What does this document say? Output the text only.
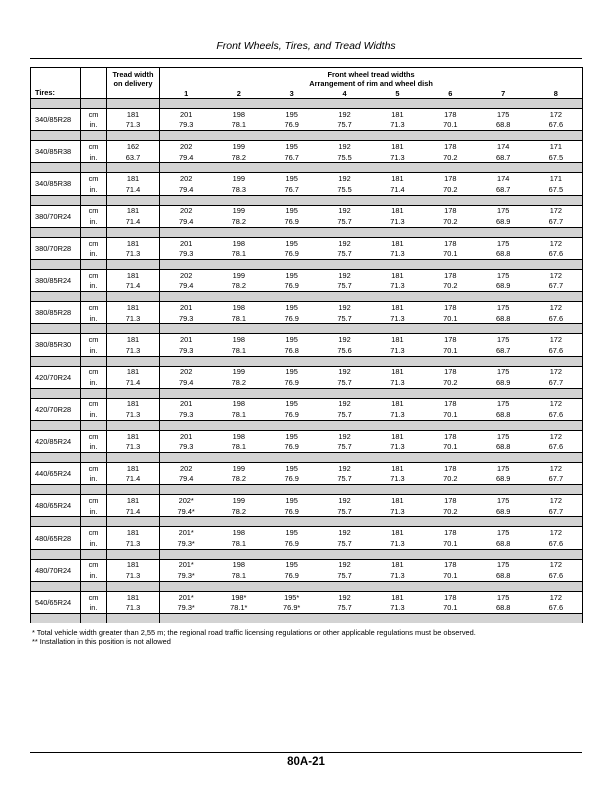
Front Wheels, Tires, and Tread Widths
Tires:		Tread width on delivery	Front wheel tread widths
Arrangement of rim and wheel dish							

			1	2	3	4	5	6	7	8

340/85R28	cm	181	201	198	195	192	181	178	175	172
	in.	71.3	79.3	78.1	76.9	75.7	71.3	70.1	68.8	67.6

340/85R38	cm	162	202	199	195	192	181	178	174	171
	in.	63.7	79.4	78.2	76.7	75.5	71.3	70.2	68.7	67.5

340/85R38	cm	181	202	199	195	192	181	178	174	171
	in.	71.4	79.4	78.3	76.7	75.5	71.4	70.2	68.7	67.5

380/70R24	cm	181	202	199	195	192	181	178	175	172
	in.	71.4	79.4	78.2	76.9	75.7	71.3	70.2	68.9	67.7

380/70R28	cm	181	201	198	195	192	181	178	175	172
	in.	71.3	79.3	78.1	76.9	75.7	71.3	70.1	68.8	67.6

380/85R24	cm	181	202	199	195	192	181	178	175	172
	in.	71.4	79.4	78.2	76.9	75.7	71.3	70.2	68.9	67.7

380/85R28	cm	181	201	198	195	192	181	178	175	172
	in.	71.3	79.3	78.1	76.9	75.7	71.3	70.1	68.8	67.6

380/85R30	cm	181	201	198	195	192	181	178	175	172
	in.	71.3	79.3	78.1	76.8	75.6	71.3	70.1	68.7	67.6

420/70R24	cm	181	202	199	195	192	181	178	175	172
	in.	71.4	79.4	78.2	76.9	75.7	71.3	70.2	68.9	67.7

420/70R28	cm	181	201	198	195	192	181	178	175	172
	in.	71.3	79.3	78.1	76.9	75.7	71.3	70.1	68.8	67.6

420/85R24	cm	181	201	198	195	192	181	178	175	172
	in.	71.3	79.3	78.1	76.9	75.7	71.3	70.1	68.8	67.6

440/65R24	cm	181	202	199	195	192	181	178	175	172
	in.	71.4	79.4	78.2	76.9	75.7	71.3	70.2	68.9	67.7

480/65R24	cm	181	202*	199	195	192	181	178	175	172
	in.	71.4	79.4*	78.2	76.9	75.7	71.3	70.2	68.9	67.7

480/65R28	cm	181	201*	198	195	192	181	178	175	172
	in.	71.3	79.3*	78.1	76.9	75.7	71.3	70.1	68.8	67.6

480/70R24	cm	181	201*	198	195	192	181	178	175	172
	in.	71.3	79.3*	78.1	76.9	75.7	71.3	70.1	68.8	67.6

540/65R24	cm	181	201*	198*	195*	192	181	178	175	172
	in.	71.3	79.3*	78.1*	76.9*	75.7	71.3	70.1	68.8	67.6

* Total vehicle width greater than 2,55 m; the regional road traffic licensing regulations or other applicable regulations must be observed.
** Installation in this position is not allowed
80A-21
